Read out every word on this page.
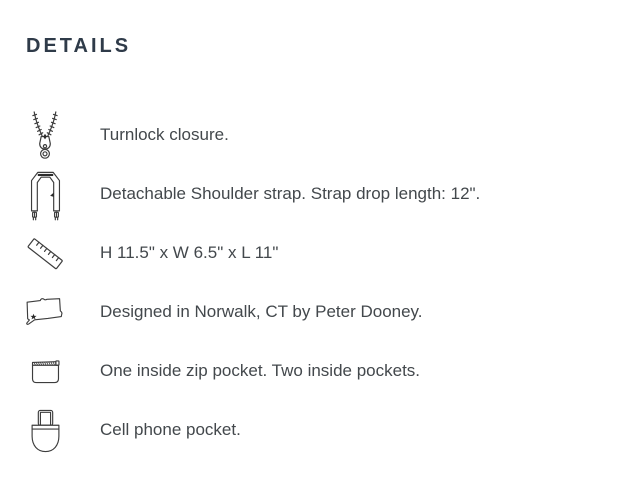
DETAILS
Turnlock closure.
Detachable Shoulder strap. Strap drop length: 12".
H 11.5" x W 6.5" x L 11"
Designed in Norwalk, CT by Peter Dooney.
One inside zip pocket. Two inside pockets.
Cell phone pocket.
